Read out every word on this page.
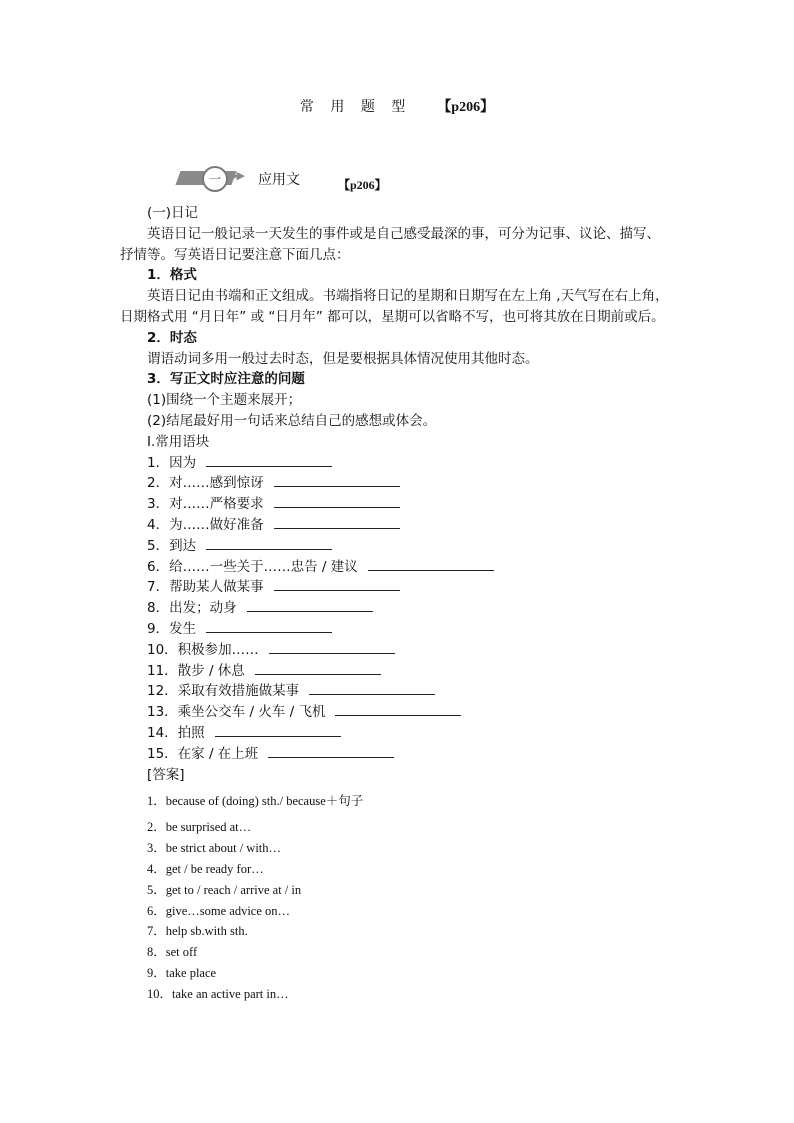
常 用 题 型 【p206】
一 ▶▶ 应用文	【p206】
(一)日记
英语日记一般记录一天发生的事件或是自己感受最深的事，可分为记事、议论、描写、
抒情等。写英语日记要注意下面几点：
1．格式
英语日记由书端和正文组成。书端指将日记的星期和日期写在左上角 ,天气写在右上角，
日期格式用 “月日年” 或 “日月年” 都可以，星期可以省略不写，也可将其放在日期前或后。
2．时态
谓语动词多用一般过去时态，但是要根据具体情况使用其他时态。
3．写正文时应注意的问题
(1)围绕一个主题来展开；
(2)结尾最好用一句话来总结自己的感想或体会。
Ⅰ.常用语块
1．因为
2．对……感到惊讶
3．对……严格要求
4．为……做好准备
5．到达
6．给……一些关于……忠告 / 建议
7．帮助某人做某事
8．出发；动身
9．发生
10．积极参加……
11．散步 / 休息
12．采取有效措施做某事
13．乘坐公交车 / 火车 / 飞机
14．拍照
15．在家 / 在上班
[答案]
1．because of (doing) sth./ because＋句子
2．be surprised at…
3．be strict about / with…
4．get / be ready for…
5．get to / reach / arrive at / in
6．give…some advice on…
7．help sb.with sth.
8．set off
9．take place
10．take an active part in…
